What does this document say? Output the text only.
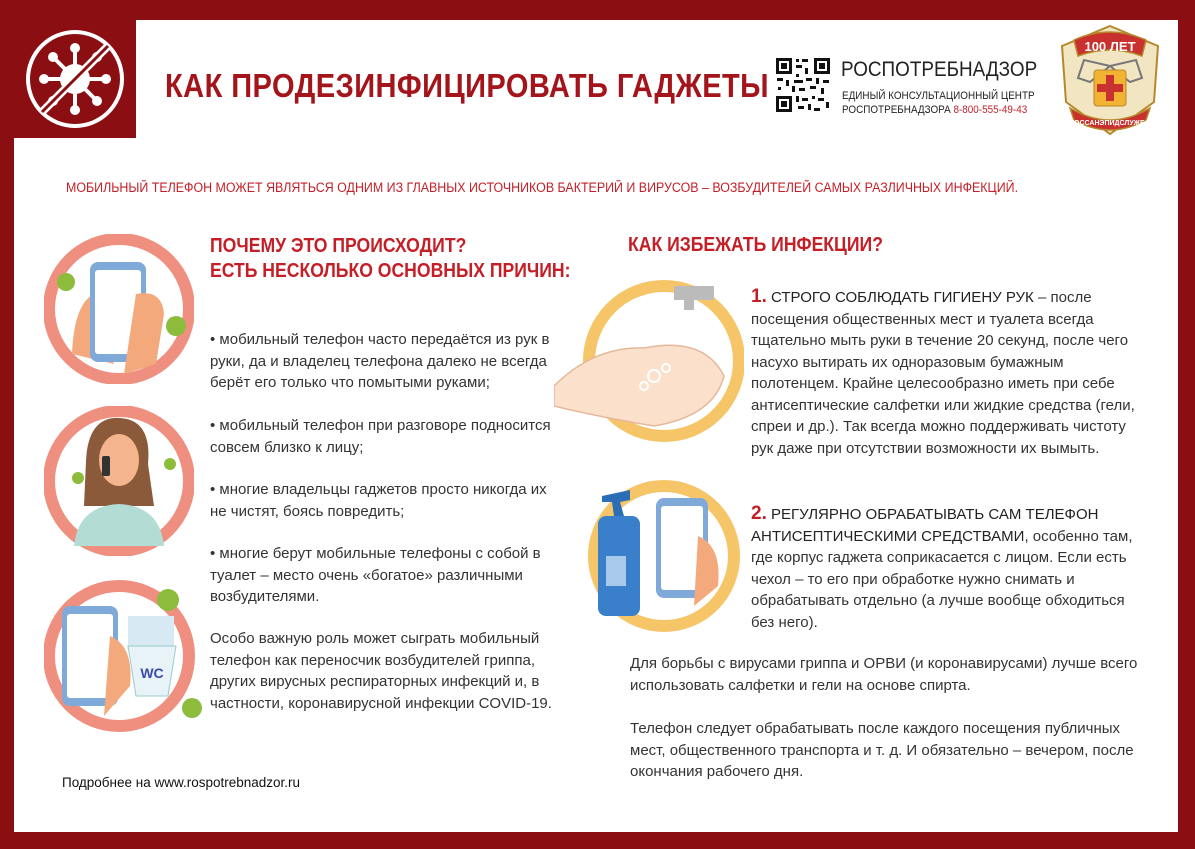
КАК ПРОДЕЗИНФИЦИРОВАТЬ ГАДЖЕТЫ	РОСПОТРЕБНАДЗОР
ЕДИНЫЙ КОНСУЛЬТАЦИОННЫЙ ЦЕНТР
РОСПОТРЕБНАДЗОРА 8-800-555-49-43
100 ЛЕТ
ГОССАНЭПИДСЛУЖБА
МОБИЛЬНЫЙ ТЕЛЕФОН МОЖЕТ ЯВЛЯТЬСЯ ОДНИМ ИЗ ГЛАВНЫХ ИСТОЧНИКОВ БАКТЕРИЙ И ВИРУСОВ – ВОЗБУДИТЕЛЕЙ САМЫХ РАЗЛИЧНЫХ ИНФЕКЦИЙ.
WC
ПОЧЕМУ ЭТО ПРОИСХОДИТ?
ЕСТЬ НЕСКОЛЬКО ОСНОВНЫХ ПРИЧИН:
• мобильный телефон часто передаётся из рук в руки, да и владелец телефона далеко не всегда берёт его только что помытыми руками;
• мобильный телефон при разговоре подносится совсем близко к лицу;
• многие владельцы гаджетов просто никогда их не чистят, боясь повредить;
• многие берут мобильные телефоны с собой в туалет – место очень «богатое» различными возбудителями.
Особо важную роль может сыграть мобильный телефон как переносчик возбудителей гриппа, других вирусных респираторных инфекций и, в частности, коронавирусной инфекции COVID-19.
КАК ИЗБЕЖАТЬ ИНФЕКЦИИ?
1. СТРОГО СОБЛЮДАТЬ ГИГИЕНУ РУК – после посещения общественных мест и туалета всегда тщательно мыть руки в течение 20 секунд, после чего насухо вытирать их одноразовым бумажным полотенцем. Крайне целесообразно иметь при себе антисептические салфетки или жидкие средства (гели, спреи и др.). Так всегда можно поддерживать чистоту рук даже при отсутствии возможности их вымыть.
2. РЕГУЛЯРНО ОБРАБАТЫВАТЬ САМ ТЕЛЕФОН АНТИСЕПТИЧЕСКИМИ СРЕДСТВАМИ, особенно там, где корпус гаджета соприкасается с лицом. Если есть чехол – то его при обработке нужно снимать и обрабатывать отдельно (а лучше вообще обходиться без него).
Для борьбы с вирусами гриппа и ОРВИ (и коронавирусами) лучше всего использовать салфетки и гели на основе спирта.
Телефон следует обрабатывать после каждого посещения публичных мест, общественного транспорта и т. д. И обязательно – вечером, после окончания рабочего дня.
Подробнее на www.rospotrebnadzor.ru
